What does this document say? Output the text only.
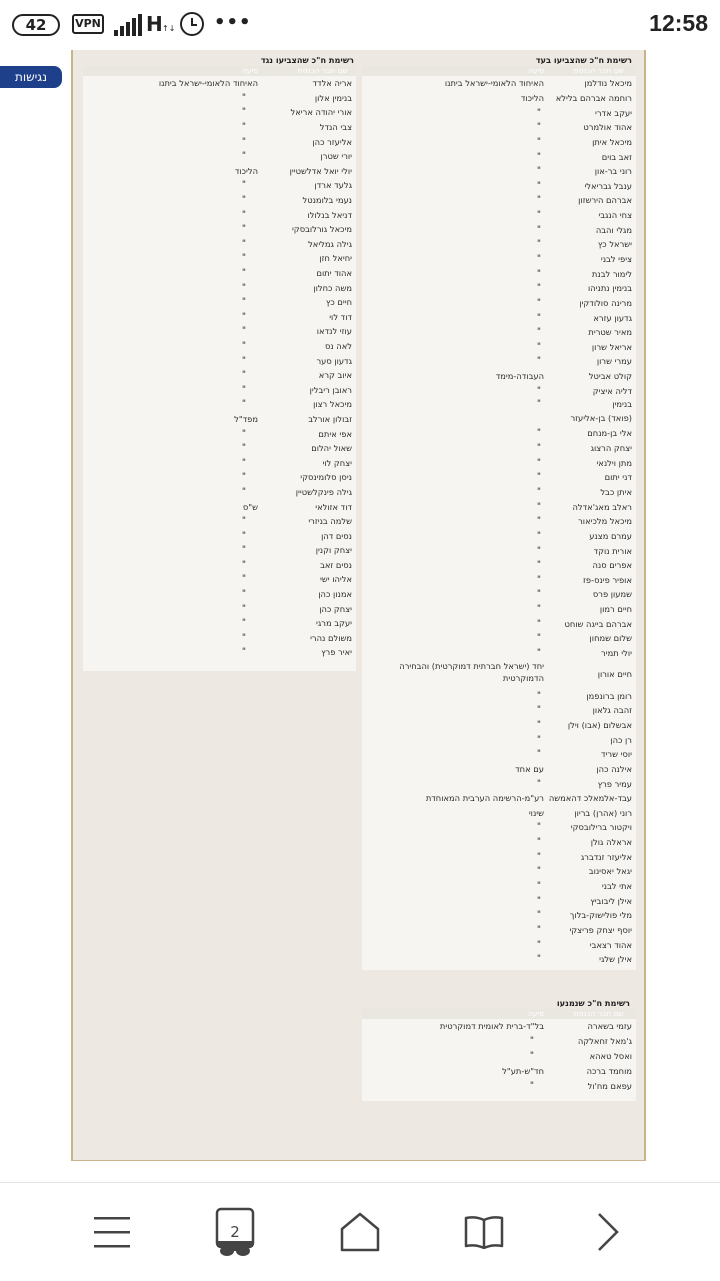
42	VPN H ↑↓ •••	12:58
רשימת ח"כ שהצביעו בעד
שם חבר הכנסת
סיעה
מיכאל נודלמן
האיחוד הלאומי-ישראל ביתנו
רוחמה אברהם בלילא
הליכוד
יעקב אדרי
"
אהוד אולמרט
"
מיכאל איתן
"
זאב בוים
"
רוני בר-און
"
ענבל גבריאלי
"
אברהם הירשזון
"
צחי הנגבי
"
מגלי והבה
"
ישראל כץ
"
ציפי לבני
"
לימור לבנת
"
בנימין נתניהו
"
מרינה סולודקין
"
גדעון עזרא
"
מאיר שטרית
"
אריאל שרון
"
עמרי שרון
"
קולט אביטל
העבודה-מימד
דליה איציק
"
בנימין
"
(פואד) בן-אליעזר
אלי בן-מנחם
"
יצחק הרצוג
"
מתן וילנאי
"
דני יתום
"
איתן כבל
"
ראלב מאג'אדלה
"
מיכאל מלכיאור
"
עמרם מצנע
"
אורית נוקד
"
אפרים סנה
"
אופיר פינס-פז
"
שמעון פרס
"
חיים רמון
"
אברהם בייגה שוחט
"
שלום שמחון
"
יולי תמיר
"
חיים אורון
יחד (ישראל חברתית דמוקרטית) והבחירה הדמוקרטית
רומן ברונפמן
"
זהבה גלאון
"
אבשלום (אבו) וילן
"
רן כהן
"
יוסי שריד
"
אילנה כהן
עם אחד
עמיר פרץ
"
עבד-אלמאלכ דהאמשה
רע"מ-הרשימה הערבית המאוחדת
רוני (אהרן) בריון
שינוי
ויקטור ברילובסקי
"
אראלה גולן
"
אליעזר זנדברג
"
יגאל יאסינוב
"
אתי לבני
"
אילן ליבוביץ
"
מלי פולישוק-בלוך
"
יוסף יצחק פריצקי
"
אהוד רצאבי
"
אילן שלגי
"
רשימת ח"כ שהצביעו נגד
שם חבר הכנסת
סיעה
אריה אלדד
האיחוד הלאומי-ישראל ביתנו
בנימין אלון
"
אורי יהודה אריאל
"
צבי הנדל
"
אליעזר כהן
"
יורי שטרן
"
יולי יואל אדלשטיין
הליכוד
גלעד ארדן
"
נעמי בלומנטל
"
דניאל בנלולו
"
מיכאל גורלובסקי
"
גילה גמליאל
"
יחיאל חזן
"
אהוד יתום
"
משה כחלון
"
חיים כץ
"
דוד לוי
"
עוזי לנדאו
"
לאה נס
"
גדעון סער
"
איוב קרא
"
ראובן ריבלין
"
מיכאל רצון
"
זבולון אורלב
מפד"ל
אפי איתם
"
שאול יהלום
"
יצחק לוי
"
ניסן סלומינסקי
"
גילה פינקלשטיין
"
דוד אזולאי
ש"ס
שלמה בניזרי
"
נסים דהן
"
יצחק וקנין
"
נסים זאב
"
אליהו ישי
"
אמנון כהן
"
יצחק כהן
"
יעקב מרגי
"
משולם נהרי
"
יאיר פרץ
"
רשימת ח"כ שנמנעו
שם חבר הכנסת
סיעה
עזמי בשארה
בל"ד-ברית לאומית דמוקרטית
ג'מאל זחאלקה
"
ואסל טאהא
"
מוחמד ברכה
חד"ש-תע"ל
עפאם מח'ול
"
נגישות
2
